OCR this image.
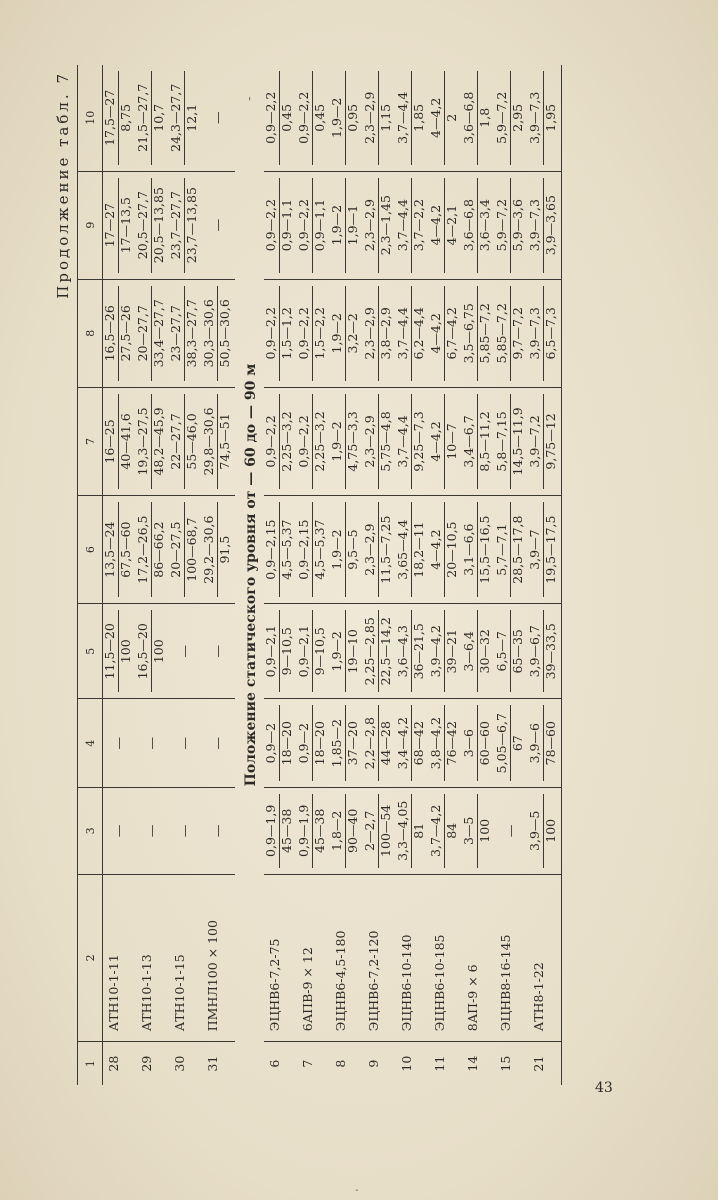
Продолжение табл. 7
1	2	3	4	5	6	7	8	9	10
28	АТН10-1-11	—	—	11,5—20 100	13,5—24 67,5—60	16—25 40—41,6	16,5—26 27,5—26	17—27 17—13,5	17,5—27 8,75

29	АТН10-1-13	—	—	16,5—20 100	17,2—26,5 86—66,2	19,3—27,5 48,2—45,9	20—27,7 33,4—27,7	20,5—27,7 20,5—13,85	21,5—27,7 10,7

30	АТН10-1-15	—	—	—	20—27,5 100—68,7	22—27,7 55—46,0	23—27,7 38,3—27,7	23,7—27,7 23,7—13,85	24,3—27,7 12,1

31	ПМНЛ100 × 100	—	—	—	29,2—30,6 91,5	29,8—30,6 74,5—51	30,3—30,6 50,5—30,6	—	—

Положение статического уровня от — 60 до — 90 м									
6	ЭЦНВ6-7,2-75	0,9—1,9 45—38	0,9—2 18—20	0,9—2,1 9—10,5	0,9—2,15 4,5—5,37	0,9—2,2 2,25—3,2	0,9—2,2 1,5—1,2	0,9—2,2 0,9—1,1	0,9—2,2 0,45

7	6АПВ-9 × 12	0,9—1,9 45—38	0,9—2 18—20	0,9—2,1 9—10,5	0,9—2,15 4,5—5,37	0,9—2,2 2,25—3,2	0,9—2,2 1,5—2,2	0,9—2,2 0,9—1,1	0,9—2,2 0,45

8	ЭЦНВ6-4,5-180	1,8—2 90—40	1,85—2 37—20	1,9—2 19—10	1,9—2 9,5—5	1,9—2 4,75—3,3	1,9—2 3,2—2	1,9—2 1,9—1	1,9—2 0,95

9	ЭЦНВ6-7,2-120	2—2,7 100—54	2,2—2,8 44—28	2,25—2,85 22,5—14,2	2,3—2,9 11,5—7,25	2,3—2,9 5,75—4,8	2,3—2,9 3,8—2,9	2,3—2,9 2,3—1,45	2,3—2,9 1,15

10	ЭЦНВ6-10-140	3,3—4,05 81	3,4—4,2 68—42	3,6—4,3 36—21,5	3,65—4,4 18,2—11	3,7—4,4 9,25—7,3	3,7—4,4 6,2—4,4	3,7—4,4 3,7—2,2	3,7—4,4 1,85

11	ЭЦНВ6-10-185	3,7—4,2 84	3,8—4,2 76—42	3,9—4,2 39—21	4—4,2 20—10,5	4—4,2 10—7	4—4,2 6,7—4,2	4—4,2 4—2,1	4—4,2 2

14	8АП-9 × 6	3—5 100	3—6 60—60	3—6,4 30—32	3,1—6,6 15,5—16,5	3,4—6,7 8,5—11,2	3,5—6,75 5,85—7,2	3,6—6,8 3,6—3,4	3,6—6,8 1,8

15	ЭЦНВ8-16-145	—	5,05—6,7 67	6,5—7 65—35	5,7—7,1 28,5—17,8	5,8—7,15 14,5—11,9	5,85—7,2 9,7—7,2	5,9—7,2 5,9—3,6	5,9—7,2 2,95

21	АТН8-1-22	3,9—5 100	3,9—6 78—60	3,9—6,7 39—33,5	3,9—7 19,5—17,5	3,9—7,2 9,75—12	3,9—7,3 6,5—7,3	3,9—7,3 3,9—3,65	3,9—7,3 1,95
43
'
.
